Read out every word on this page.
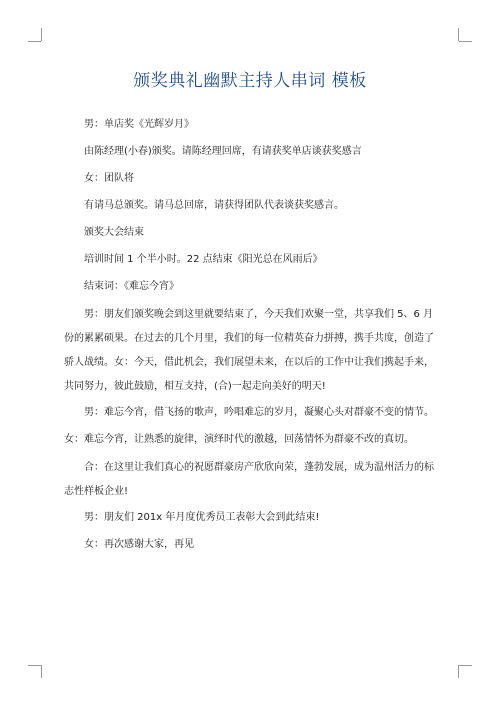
颁奖典礼幽默主持人串词 模板

男：单店奖《光辉岁月》

由陈经理(小春)颁奖。请陈经理回席，有请获奖单店谈获奖感言

女：团队将

有请马总颁奖。请马总回席，请获得团队代表谈获奖感言。

颁奖大会结束

培训时间 1 个半小时。22 点结束《阳光总在风雨后》

结束词：《难忘今宵》

男：朋友们颁奖晚会到这里就要结束了，今天我们欢聚一堂，共享我们 5、6 月份的累累硕果。在过去的几个月里，我们的每一位精英奋力拼搏，携手共度，创造了骄人战绩。女：今天，借此机会，我们展望未来，在以后的工作中让我们携起手来，共同努力，彼此鼓励，相互支持，(合)一起走向美好的明天!

男：难忘今宵，借飞扬的歌声，吟唱难忘的岁月，凝聚心头对群豪不变的情节。

女：难忘今宵，让熟悉的旋律，演绎时代的激越，回荡情怀为群豪不改的真切。

合：在这里让我们真心的祝愿群豪房产欣欣向荣，蓬勃发展，成为温州活力的标志性样板企业!

男：朋友们 201x 年月度优秀员工表彰大会到此结束!

女：再次感谢大家，再见
